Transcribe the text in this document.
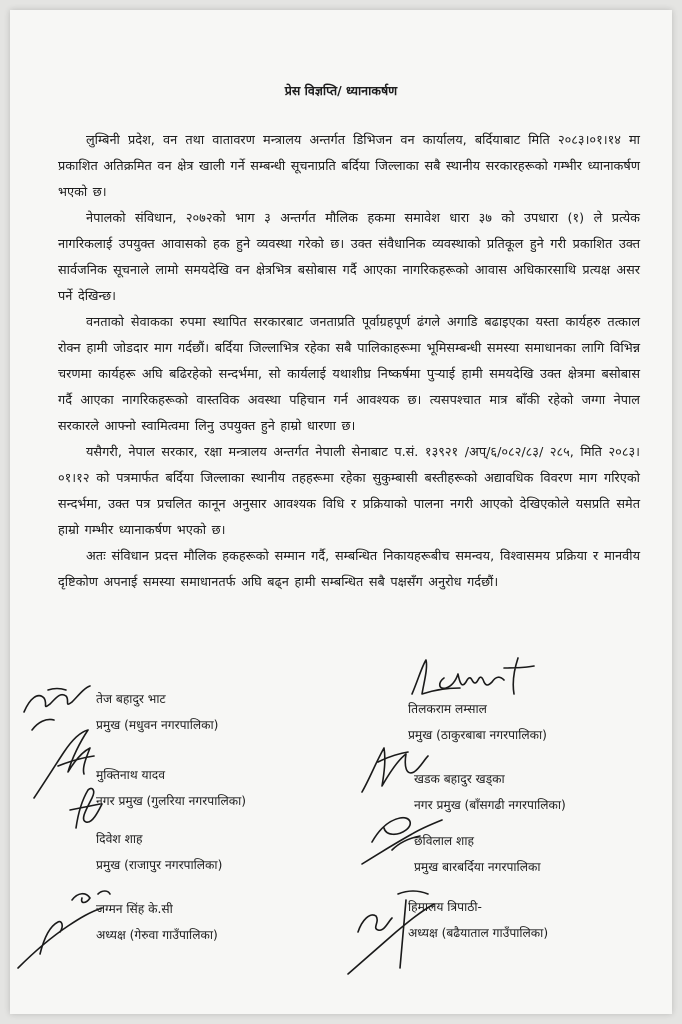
प्रेस विज्ञप्ति/ ध्यानाकर्षण

लुम्बिनी प्रदेश, वन तथा वातावरण मन्त्रालय अन्तर्गत डिभिजन वन कार्यालय, बर्दियाबाट मिति २०८३।०१।१४ मा प्रकाशित अतिक्रमित वन क्षेत्र खाली गर्ने सम्बन्धी सूचनाप्रति बर्दिया जिल्लाका सबै स्थानीय सरकारहरूको गम्भीर ध्यानाकर्षण भएको छ।

नेपालको संविधान, २०७२को भाग ३ अन्तर्गत मौलिक हकमा समावेश धारा ३७ को उपधारा (१) ले प्रत्येक नागरिकलाई उपयुक्त आवासको हक हुने व्यवस्था गरेको छ। उक्त संवैधानिक व्यवस्थाको प्रतिकूल हुने गरी प्रकाशित उक्त सार्वजनिक सूचनाले लामो समयदेखि वन क्षेत्रभित्र बसोबास गर्दै आएका नागरिकहरूको आवास अधिकारसाथि प्रत्यक्ष असर पर्ने देखिन्छ।

वनताको सेवाकका रुपमा स्थापित सरकारबाट जनताप्रति पूर्वाग्रहपूर्ण ढंगले अगाडि बढाइएका यस्ता कार्यहरु तत्काल रोक्न हामी जोडदार माग गर्दछौं। बर्दिया जिल्लाभित्र रहेका सबै पालिकाहरूमा भूमिसम्बन्धी समस्या समाधानका लागि विभिन्न चरणमा कार्यहरू अघि बढिरहेको सन्दर्भमा, सो कार्यलाई यथाशीघ्र निष्कर्षमा पुऱ्याई हामी समयदेखि उक्त क्षेत्रमा बसोबास गर्दै आएका नागरिकहरूको वास्तविक अवस्था पहिचान गर्न आवश्यक छ। त्यसपश्चात मात्र बाँकी रहेको जग्गा नेपाल सरकारले आफ्नो स्वामित्वमा लिनु उपयुक्त हुने हाम्रो धारणा छ।

यसैगरी, नेपाल सरकार, रक्षा मन्त्रालय अन्तर्गत नेपाली सेनाबाट प.सं. १३९२१ /अप्/६/०८२/८३/ २८५, मिति २०८३।०१।१२ को पत्रमार्फत बर्दिया जिल्लाका स्थानीय तहहरूमा रहेका सुकुम्बासी बस्तीहरूको अद्यावधिक विवरण माग गरिएको सन्दर्भमा, उक्त पत्र प्रचलित कानून अनुसार आवश्यक विधि र प्रक्रियाको पालना नगरी आएको देखिएकोले यसप्रति समेत हाम्रो गम्भीर ध्यानाकर्षण भएको छ।

अतः संविधान प्रदत्त मौलिक हकहरूको सम्मान गर्दै, सम्बन्धित निकायहरूबीच समन्वय, विश्वासमय प्रक्रिया र मानवीय दृष्टिकोण अपनाई समस्या समाधानतर्फ अघि बढ्न हामी सम्बन्धित सबै पक्षसँग अनुरोध गर्दछौं।

तेज बहादुर भाट
प्रमुख (मधुवन नगरपालिका)
मुक्तिनाथ यादव
नगर प्रमुख (गुलरिया नगरपालिका)
दिवेश शाह
प्रमुख (राजापुर नगरपालिका)
जग्मन सिंह के.सी
अध्यक्ष (गेरुवा गाउँपालिका)
तिलकराम लम्साल
प्रमुख (ठाकुरबाबा नगरपालिका)
खडक बहादुर खड्का
नगर प्रमुख (बाँसगढी नगरपालिका)
छविलाल शाह
प्रमुख बारबर्दिया नगरपालिका
हिमालय त्रिपाठी-
अध्यक्ष (बढैयाताल गाउँपालिका)
